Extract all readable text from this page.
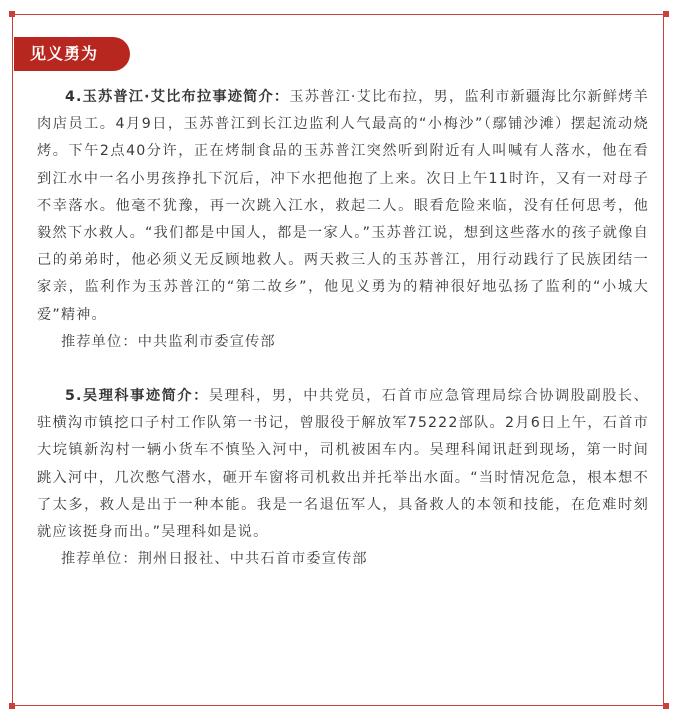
见义勇为

4.玉苏普江·艾比布拉事迹简介：玉苏普江·艾比布拉，男，监利市新疆海比尔新鲜烤羊肉店员工。4月9日，玉苏普江到长江边监利人气最高的“小梅沙”（鄢铺沙滩）摆起流动烧烤。下午2点40分许，正在烤制食品的玉苏普江突然听到附近有人叫喊有人落水，他在看到江水中一名小男孩挣扎下沉后，冲下水把他抱了上来。次日上午11时许，又有一对母子不幸落水。他毫不犹豫，再一次跳入江水，救起二人。眼看危险来临，没有任何思考，他毅然下水救人。“我们都是中国人，都是一家人。”玉苏普江说，想到这些落水的孩子就像自己的弟弟时，他必须义无反顾地救人。两天救三人的玉苏普江，用行动践行了民族团结一家亲，监利作为玉苏普江的“第二故乡”，他见义勇为的精神很好地弘扬了监利的“小城大爱”精神。

推荐单位：中共监利市委宣传部

5.吴理科事迹简介：吴理科，男，中共党员，石首市应急管理局综合协调股副股长、驻横沟市镇挖口子村工作队第一书记，曾服役于解放军75222部队。2月6日上午，石首市大垸镇新沟村一辆小货车不慎坠入河中，司机被困车内。吴理科闻讯赶到现场，第一时间跳入河中，几次憋气潜水，砸开车窗将司机救出并托举出水面。“当时情况危急，根本想不了太多，救人是出于一种本能。我是一名退伍军人，具备救人的本领和技能，在危难时刻就应该挺身而出。”吴理科如是说。

推荐单位：荆州日报社、中共石首市委宣传部
